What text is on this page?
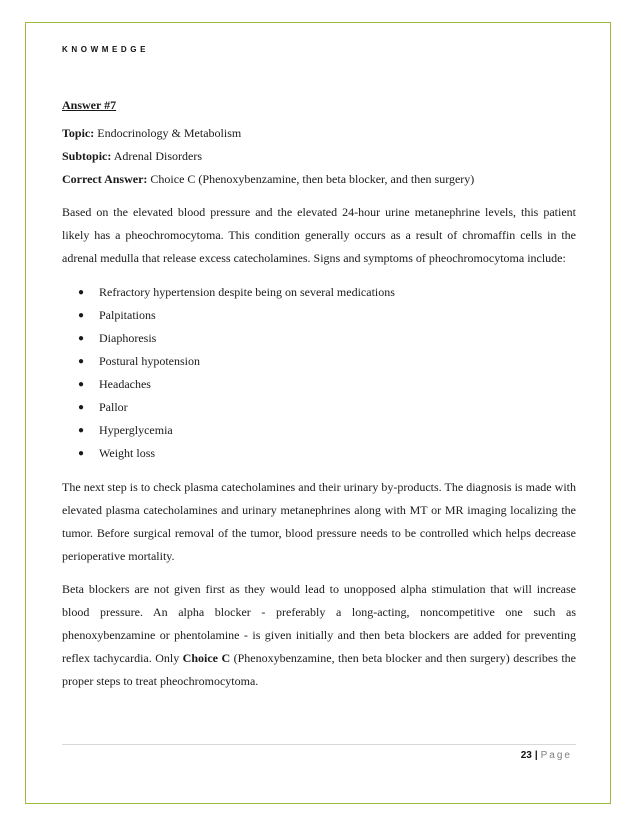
KNOWMEDGE

Answer #7

Topic: Endocrinology & Metabolism

Subtopic: Adrenal Disorders

Correct Answer: Choice C (Phenoxybenzamine, then beta blocker, and then surgery)

Based on the elevated blood pressure and the elevated 24-hour urine metanephrine levels, this patient likely has a pheochromocytoma. This condition generally occurs as a result of chromaffin cells in the adrenal medulla that release excess catecholamines. Signs and symptoms of pheochromocytoma include:

● Refractory hypertension despite being on several medications
● Palpitations
● Diaphoresis
● Postural hypotension
● Headaches
● Pallor
● Hyperglycemia
● Weight loss

The next step is to check plasma catecholamines and their urinary by-products. The diagnosis is made with elevated plasma catecholamines and urinary metanephrines along with MT or MR imaging localizing the tumor. Before surgical removal of the tumor, blood pressure needs to be controlled which helps decrease perioperative mortality.

Beta blockers are not given first as they would lead to unopposed alpha stimulation that will increase blood pressure. An alpha blocker - preferably a long-acting, noncompetitive one such as phenoxybenzamine or phentolamine - is given initially and then beta blockers are added for preventing reflex tachycardia. Only Choice C (Phenoxybenzamine, then beta blocker and then surgery) describes the proper steps to treat pheochromocytoma.

23 | Page
